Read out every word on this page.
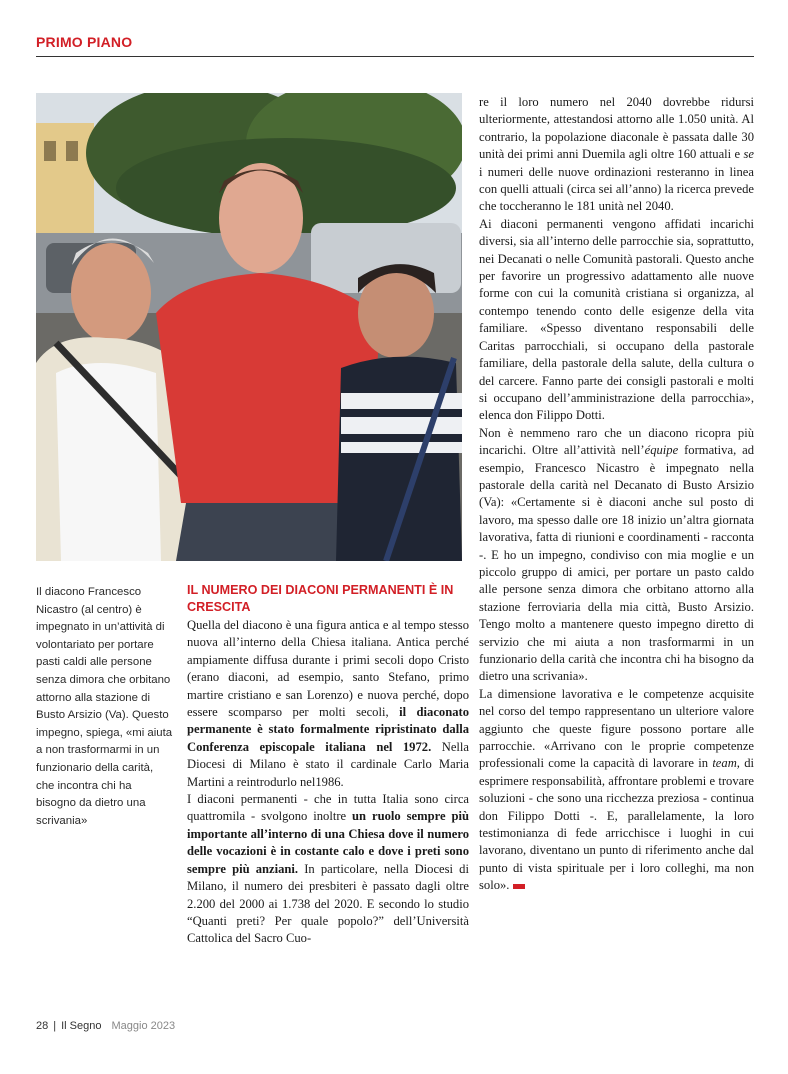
PRIMO PIANO
Il diacono Francesco Nicastro (al centro) è impegnato in un’attività di volontariato per portare pasti caldi alle persone senza dimora che orbitano attorno alla stazione di Busto Arsizio (Va). Questo impegno, spiega, «mi aiuta a non trasformarmi in un funzionario della carità, che incontra chi ha bisogno da dietro una scrivania»
IL NUMERO DEI DIACONI PERMANENTI È IN CRESCITA

Quella del diacono è una figura antica e al tempo stesso nuova all’interno della Chiesa italiana. Antica perché ampiamente diffusa durante i primi secoli dopo Cristo (erano diaconi, ad esempio, santo Stefano, primo martire cristiano e san Lorenzo) e nuova perché, dopo essere scomparso per molti secoli, il diaconato permanente è stato formalmente ripristinato dalla Conferenza episcopale italiana nel 1972. Nella Diocesi di Milano è stato il cardinale Carlo Maria Martini a reintrodurlo nel1986.

I diaconi permanenti - che in tutta Italia sono circa quattromila - svolgono inoltre un ruolo sempre più importante all’interno di una Chiesa dove il numero delle vocazioni è in costante calo e dove i preti sono sempre più anziani. In particolare, nella Diocesi di Milano, il numero dei presbiteri è passato dagli oltre 2.200 del 2000 ai 1.738 del 2020. E secondo lo studio “Quanti preti? Per quale popolo?” dell’Università Cattolica del Sacro Cuo-

re il loro numero nel 2040 dovrebbe ridursi ulteriormente, attestandosi attorno alle 1.050 unità. Al contrario, la popolazione diaconale è passata dalle 30 unità dei primi anni Duemila agli oltre 160 attuali e se i numeri delle nuove ordinazioni resteranno in linea con quelli attuali (circa sei all’anno) la ricerca prevede che toccheranno le 181 unità nel 2040.

Ai diaconi permanenti vengono affidati incarichi diversi, sia all’interno delle parrocchie sia, soprattutto, nei Decanati o nelle Comunità pastorali. Questo anche per favorire un progressivo adattamento alle nuove forme con cui la comunità cristiana si organizza, al contempo tenendo conto delle esigenze della vita familiare. «Spesso diventano responsabili delle Caritas parrocchiali, si occupano della pastorale familiare, della pastorale della salute, della cultura o del carcere. Fanno parte dei consigli pastorali e molti si occupano dell’amministrazione della parrocchia», elenca don Filippo Dotti.

Non è nemmeno raro che un diacono ricopra più incarichi. Oltre all’attività nell’équipe formativa, ad esempio, Francesco Nicastro è impegnato nella pastorale della carità nel Decanato di Busto Arsizio (Va): «Certamente si è diaconi anche sul posto di lavoro, ma spesso dalle ore 18 inizio un’altra giornata lavorativa, fatta di riunioni e coordinamenti - racconta -. E ho un impegno, condiviso con mia moglie e un piccolo gruppo di amici, per portare un pasto caldo alle persone senza dimora che orbitano attorno alla stazione ferroviaria della mia città, Busto Arsizio. Tengo molto a mantenere questo impegno diretto di servizio che mi aiuta a non trasformarmi in un funzionario della carità che incontra chi ha bisogno da dietro una scrivania».

La dimensione lavorativa e le competenze acquisite nel corso del tempo rappresentano un ulteriore valore aggiunto che queste figure possono portare alle parrocchie. «Arrivano con le proprie competenze professionali come la capacità di lavorare in team, di esprimere responsabilità, affrontare problemi e trovare soluzioni - che sono una ricchezza preziosa - continua don Filippo Dotti -. E, parallelamente, la loro testimonianza di fede arricchisce i luoghi in cui lavorano, diventano un punto di riferimento anche dal punto di vista spirituale per i loro colleghi, ma non solo».

28 | Il Segno Maggio 2023
